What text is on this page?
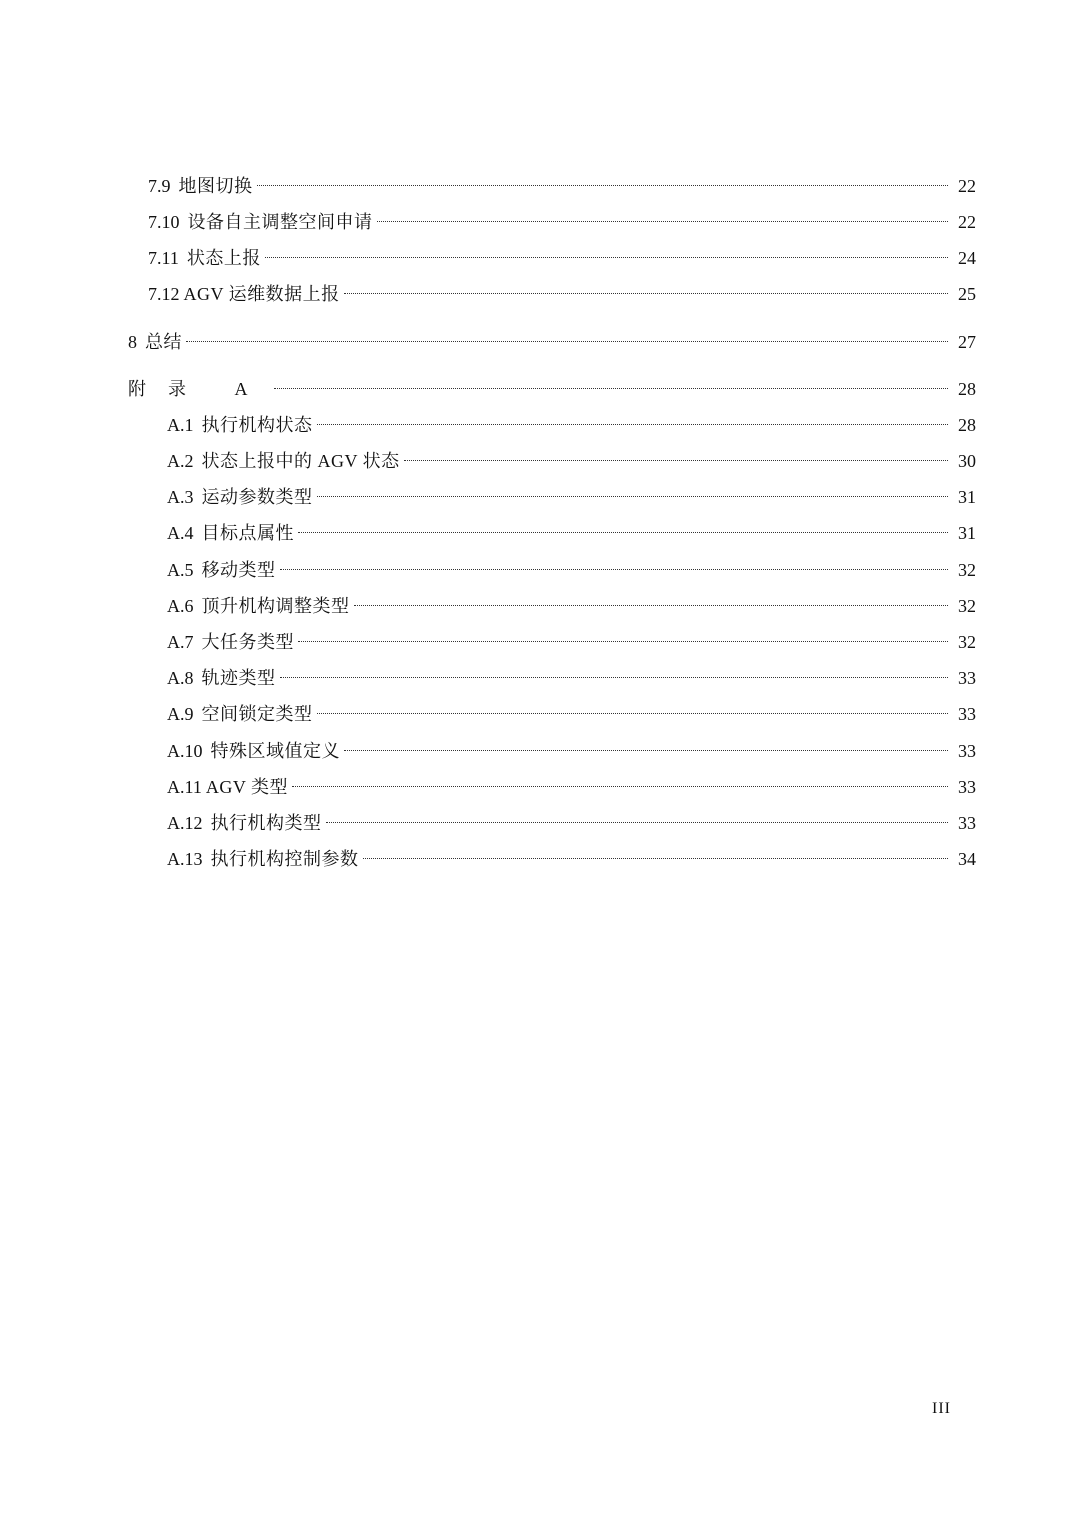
7.9 地图切换	22
7.10 设备自主调整空间申请	22
7.11 状态上报	24
7.12 AGV 运维数据上报	25
8 总结	27
附录 A	28
A.1 执行机构状态	28
A.2 状态上报中的 AGV 状态	30
A.3 运动参数类型	31
A.4 目标点属性	31
A.5 移动类型	32
A.6 顶升机构调整类型	32
A.7 大任务类型	32
A.8 轨迹类型	33
A.9 空间锁定类型	33
A.10 特殊区域值定义	33
A.11 AGV 类型	33
A.12 执行机构类型	33
A.13 执行机构控制参数	34
III
